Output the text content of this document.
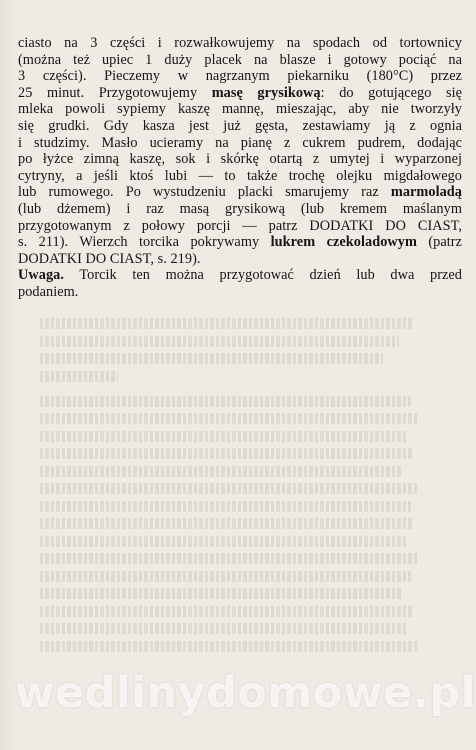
ciasto na 3 części i rozwałkowujemy na spodach od tortownicy
(można też upiec 1 duży placek na blasze i gotowy pociąć na
3 części). Pieczemy w nagrzanym piekarniku (180°C) przez
25 minut. Przygotowujemy masę grysikową: do gotującego się
mleka powoli sypiemy kaszę mannę, mieszając, aby nie tworzyły
się grudki. Gdy kasza jest już gęsta, zestawiamy ją z ognia
i studzimy. Masło ucieramy na pianę z cukrem pudrem, dodając
po łyżce zimną kaszę, sok i skórkę otartą z umytej i wyparzonej
cytryny, a jeśli ktoś lubi — to także trochę olejku migdałowego
lub rumowego. Po wystudzeniu placki smarujemy raz marmoladą
(lub dżemem) i raz masą grysikową (lub kremem maślanym
przygotowanym z połowy porcji — patrz DODATKI DO CIAST,
s. 211). Wierzch torcika pokrywamy lukrem czekoladowym (patrz
DODATKI DO CIAST, s. 219).
Uwaga. Torcik ten można przygotować dzień lub dwa przed
podaniem.
wedlinydomowe.pl
